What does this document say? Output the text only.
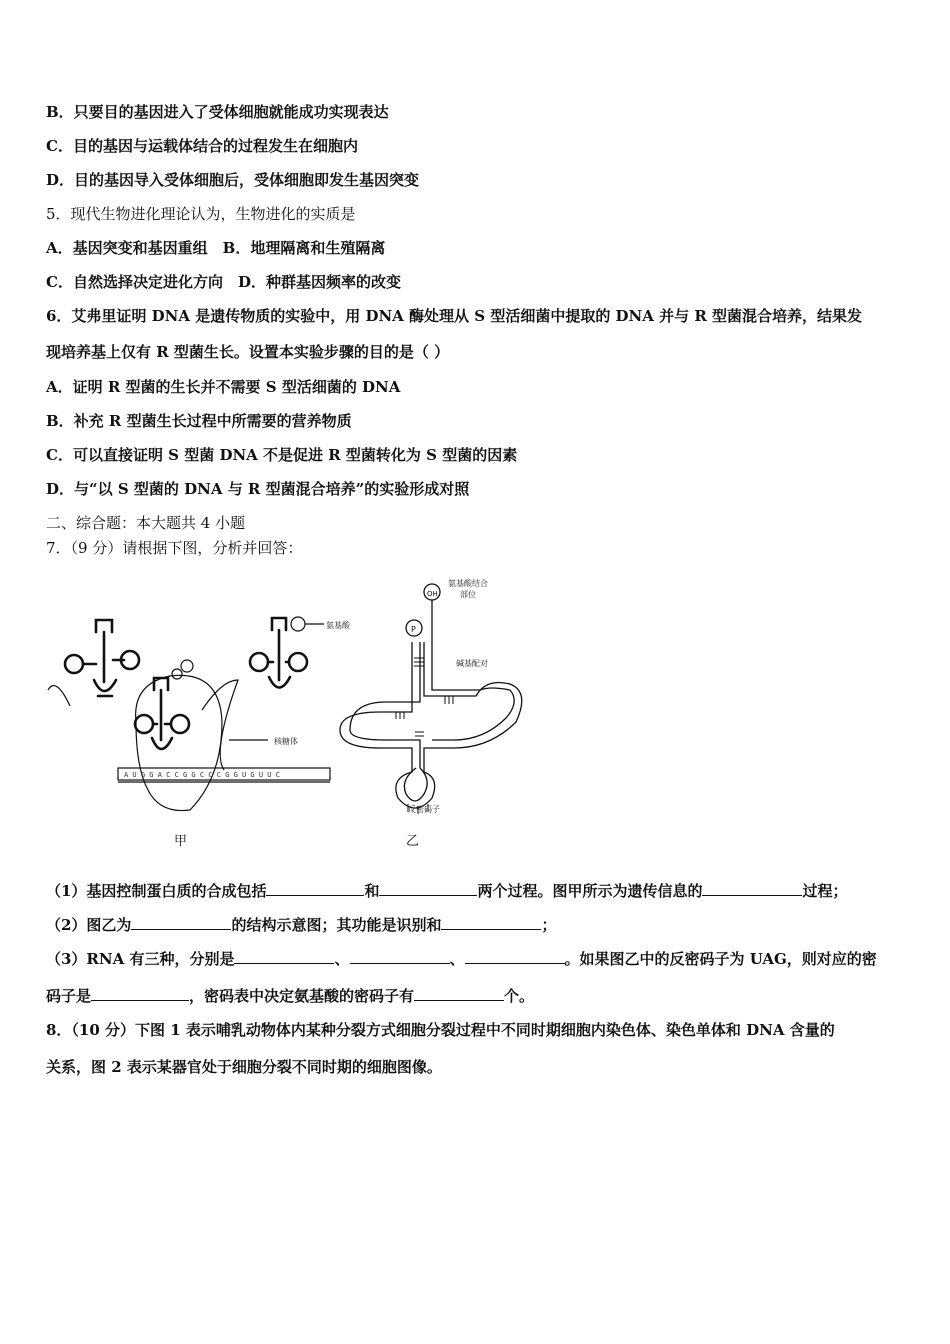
B．只要目的基因进入了受体细胞就能成功实现表达
C．目的基因与运载体结合的过程发生在细胞内
D．目的基因导入受体细胞后，受体细胞即发生基因突变
5．现代生物进化理论认为，生物进化的实质是
A．基因突变和基因重组　B．地理隔离和生殖隔离
C．自然选择决定进化方向　D．种群基因频率的改变
6．艾弗里证明 DNA 是遗传物质的实验中，用 DNA 酶处理从 S 型活细菌中提取的 DNA 并与 R 型菌混合培养，结果发
现培养基上仅有 R 型菌生长。设置本实验步骤的目的是（ ）
A．证明 R 型菌的生长并不需要 S 型活细菌的 DNA
B．补充 R 型菌生长过程中所需要的营养物质
C．可以直接证明 S 型菌 DNA 不是促进 R 型菌转化为 S 型菌的因素
D．与“以 S 型菌的 DNA 与 R 型菌混合培养”的实验形成对照
二、综合题：本大题共 4 小题
7．（9 分）请根据下图，分析并回答：
A U G G A C C G G C C C G G U G U U C
氨基酸
核糖体
OH
P
氨基酸结合
部位
碱基配对
反密码子
甲	乙
（1）基因控制蛋白质的合成包括	和	两个过程。图甲所示为遗传信息的	过程；
（2）图乙为	的结构示意图；其功能是识别和	；
（3）RNA 有三种，分别是	、	、	。如果图乙中的反密码子为 UAG，则对应的密
码子是	，密码表中决定氨基酸的密码子有	个。
8．（10 分）下图 1 表示哺乳动物体内某种分裂方式细胞分裂过程中不同时期细胞内染色体、染色单体和 DNA 含量的
关系，图 2 表示某器官处于细胞分裂不同时期的细胞图像。
